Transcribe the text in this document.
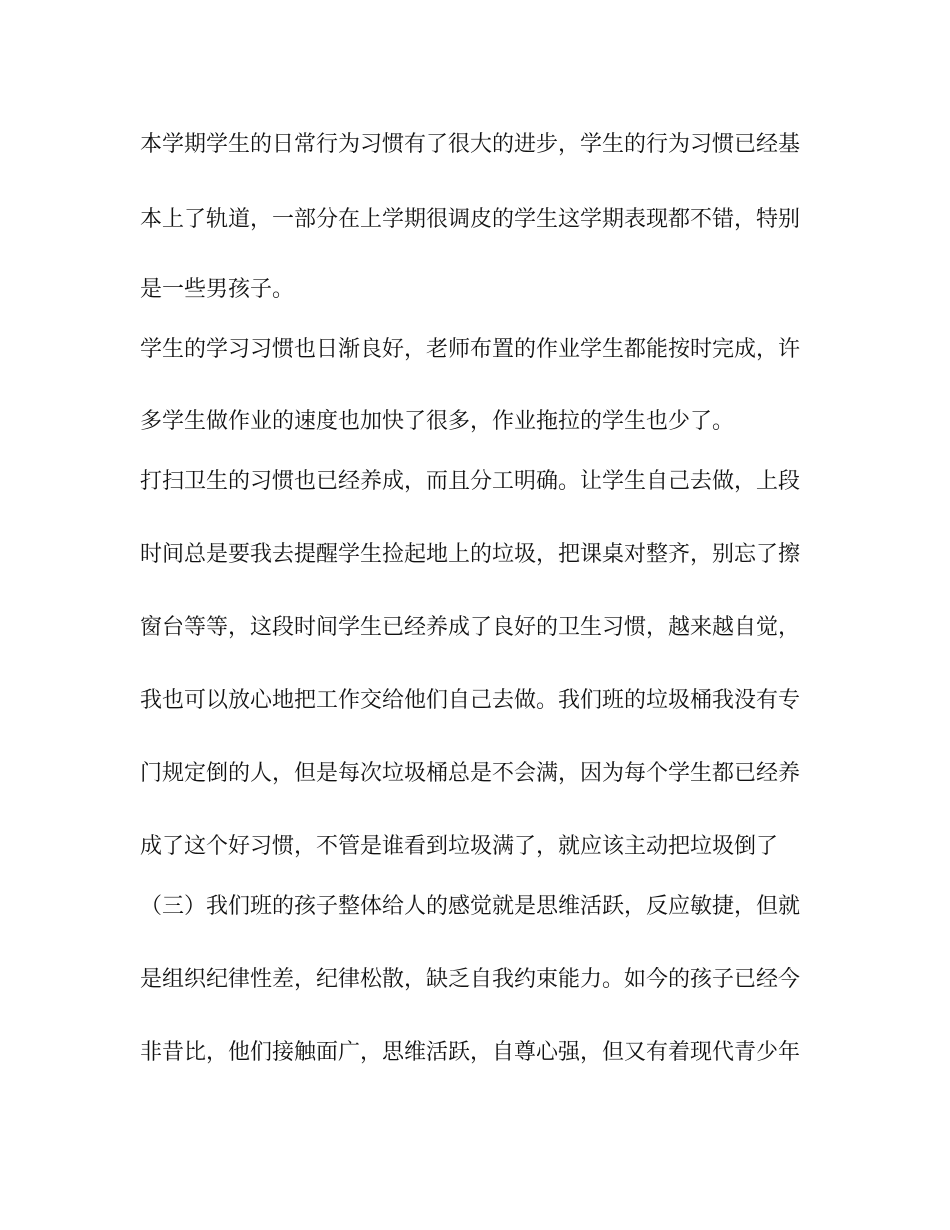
本学期学生的日常行为习惯有了很大的进步，学生的行为习惯已经基
本上了轨道，一部分在上学期很调皮的学生这学期表现都不错，特别
是一些男孩子。
学生的学习习惯也日渐良好，老师布置的作业学生都能按时完成，许
多学生做作业的速度也加快了很多，作业拖拉的学生也少了。
打扫卫生的习惯也已经养成，而且分工明确。让学生自己去做，上段
时间总是要我去提醒学生捡起地上的垃圾，把课桌对整齐，别忘了擦
窗台等等，这段时间学生已经养成了良好的卫生习惯，越来越自觉，
我也可以放心地把工作交给他们自己去做。我们班的垃圾桶我没有专
门规定倒的人，但是每次垃圾桶总是不会满，因为每个学生都已经养
成了这个好习惯，不管是谁看到垃圾满了，就应该主动把垃圾倒了
（三）我们班的孩子整体给人的感觉就是思维活跃，反应敏捷，但就
是组织纪律性差，纪律松散，缺乏自我约束能力。如今的孩子已经今
非昔比，他们接触面广，思维活跃，自尊心强，但又有着现代青少年
